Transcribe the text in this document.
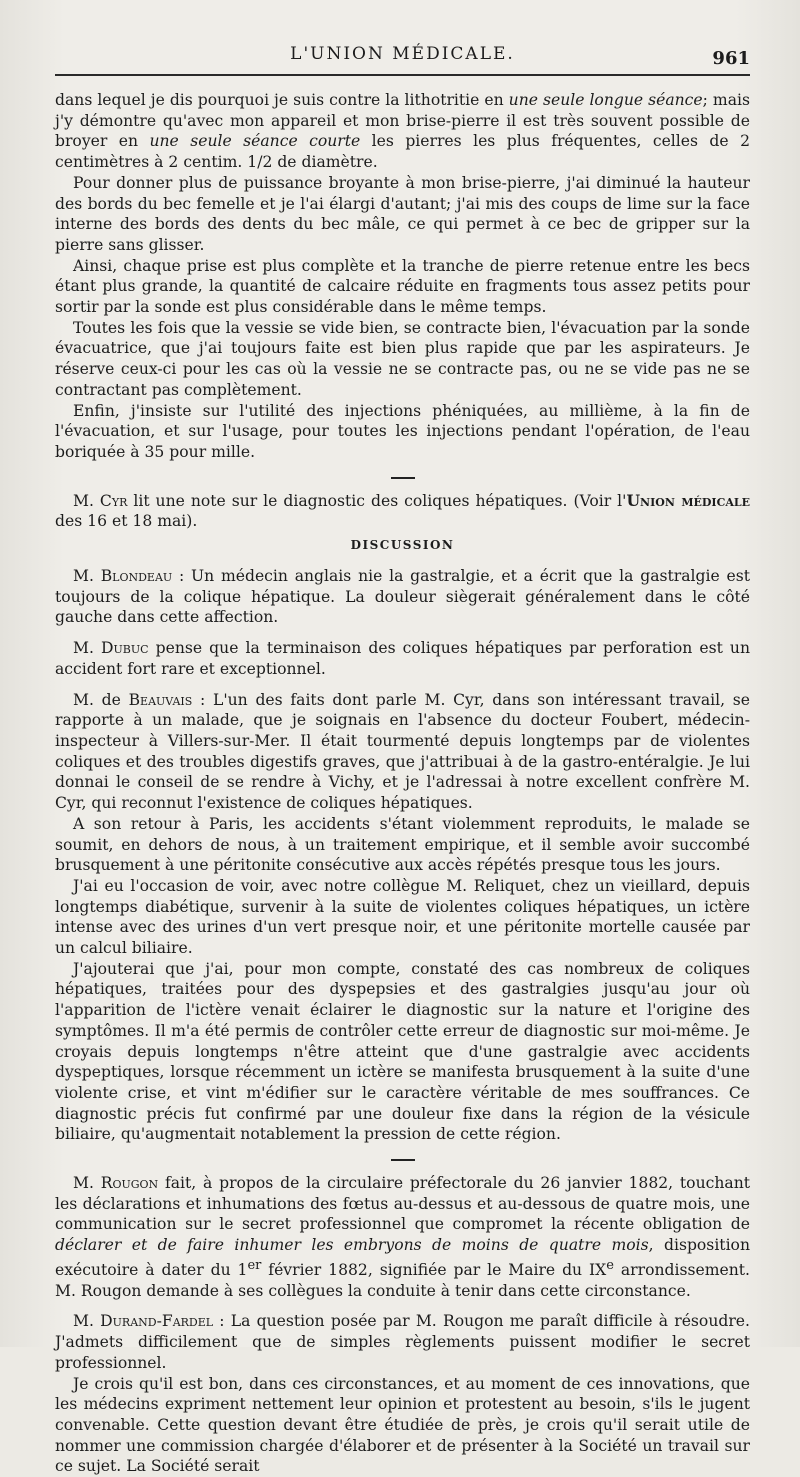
L'UNION MÉDICALE.	961

dans lequel je dis pourquoi je suis contre la lithotritie en une seule longue séance; mais j'y démontre qu'avec mon appareil et mon brise-pierre il est très souvent possible de broyer en une seule séance courte les pierres les plus fréquentes, celles de 2 centimètres à 2 centim. 1/2 de diamètre.

Pour donner plus de puissance broyante à mon brise-pierre, j'ai diminué la hauteur des bords du bec femelle et je l'ai élargi d'autant; j'ai mis des coups de lime sur la face interne des bords des dents du bec mâle, ce qui permet à ce bec de gripper sur la pierre sans glisser.

Ainsi, chaque prise est plus complète et la tranche de pierre retenue entre les becs étant plus grande, la quantité de calcaire réduite en fragments tous assez petits pour sortir par la sonde est plus considérable dans le même temps.

Toutes les fois que la vessie se vide bien, se contracte bien, l'évacuation par la sonde évacuatrice, que j'ai toujours faite est bien plus rapide que par les aspirateurs. Je réserve ceux-ci pour les cas où la vessie ne se contracte pas, ou ne se vide pas ne se contractant pas complètement.

Enfin, j'insiste sur l'utilité des injections phéniquées, au millième, à la fin de l'évacuation, et sur l'usage, pour toutes les injections pendant l'opération, de l'eau boriquée à 35 pour mille.

M. Cyr lit une note sur le diagnostic des coliques hépatiques. (Voir l'Union médicale des 16 et 18 mai).

DISCUSSION

M. Blondeau : Un médecin anglais nie la gastralgie, et a écrit que la gastralgie est toujours de la colique hépatique. La douleur siègerait généralement dans le côté gauche dans cette affection.

M. Dubuc pense que la terminaison des coliques hépatiques par perforation est un accident fort rare et exceptionnel.

M. de Beauvais : L'un des faits dont parle M. Cyr, dans son intéressant travail, se rapporte à un malade, que je soignais en l'absence du docteur Foubert, médecin-inspecteur à Villers-sur-Mer. Il était tourmenté depuis longtemps par de violentes coliques et des troubles digestifs graves, que j'attribuai à de la gastro-entéralgie. Je lui donnai le conseil de se rendre à Vichy, et je l'adressai à notre excellent confrère M. Cyr, qui reconnut l'existence de coliques hépatiques.

A son retour à Paris, les accidents s'étant violemment reproduits, le malade se soumit, en dehors de nous, à un traitement empirique, et il semble avoir succombé brusquement à une péritonite consécutive aux accès répétés presque tous les jours.

J'ai eu l'occasion de voir, avec notre collègue M. Reliquet, chez un vieillard, depuis longtemps diabétique, survenir à la suite de violentes coliques hépatiques, un ictère intense avec des urines d'un vert presque noir, et une péritonite mortelle causée par un calcul biliaire.

J'ajouterai que j'ai, pour mon compte, constaté des cas nombreux de coliques hépatiques, traitées pour des dyspepsies et des gastralgies jusqu'au jour où l'apparition de l'ictère venait éclairer le diagnostic sur la nature et l'origine des symptômes. Il m'a été permis de contrôler cette erreur de diagnostic sur moi-même. Je croyais depuis longtemps n'être atteint que d'une gastralgie avec accidents dyspeptiques, lorsque récemment un ictère se manifesta brusquement à la suite d'une violente crise, et vint m'édifier sur le caractère véritable de mes souffrances. Ce diagnostic précis fut confirmé par une douleur fixe dans la région de la vésicule biliaire, qu'augmentait notablement la pression de cette région.

M. Rougon fait, à propos de la circulaire préfectorale du 26 janvier 1882, touchant les déclarations et inhumations des fœtus au-dessus et au-dessous de quatre mois, une communication sur le secret professionnel que compromet la récente obligation de déclarer et de faire inhumer les embryons de moins de quatre mois, disposition exécutoire à dater du 1er février 1882, signifiée par le Maire du IXe arrondissement. M. Rougon demande à ses collègues la conduite à tenir dans cette circonstance.

M. Durand-Fardel : La question posée par M. Rougon me paraît difficile à résoudre. J'admets difficilement que de simples règlements puissent modifier le secret professionnel.

Je crois qu'il est bon, dans ces circonstances, et au moment de ces innovations, que les médecins expriment nettement leur opinion et protestent au besoin, s'ils le jugent convenable. Cette question devant être étudiée de près, je crois qu'il serait utile de nommer une commission chargée d'élaborer et de présenter à la Société un travail sur ce sujet. La Société serait
